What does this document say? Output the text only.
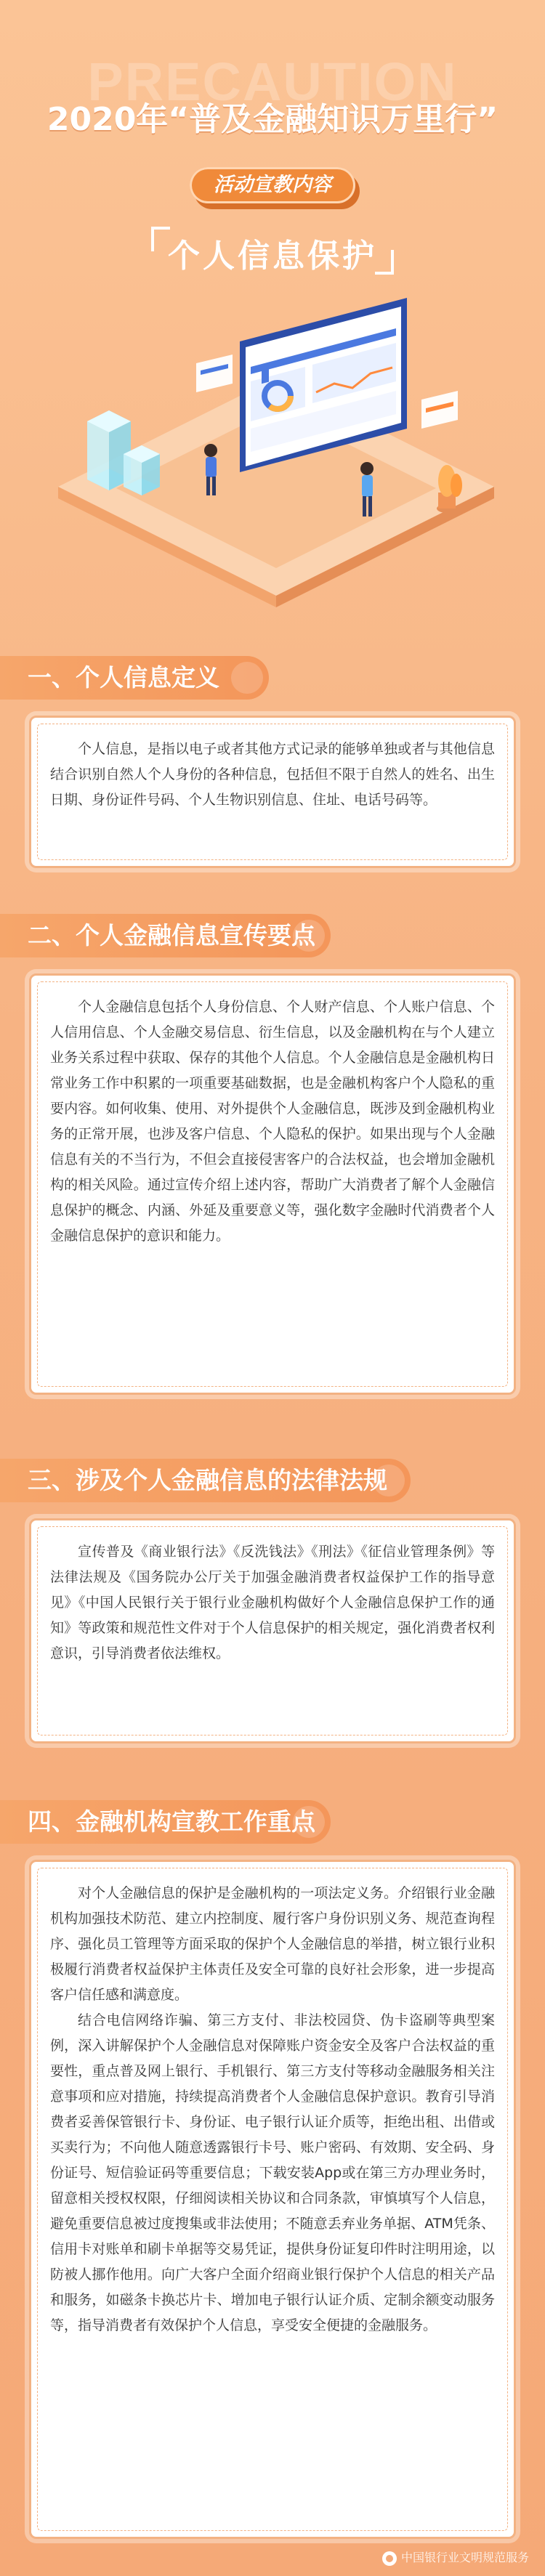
PRECAUTION
2020年“普及金融知识万里行”
活动宣教内容
个人信息保护
一、个人信息定义

个人信息，是指以电子或者其他方式记录的能够单独或者与其他信息结合识别自然人个人身份的各种信息，包括但不限于自然人的姓名、出生日期、身份证件号码、个人生物识别信息、住址、电话号码等。

二、个人金融信息宣传要点

个人金融信息包括个人身份信息、个人财产信息、个人账户信息、个人信用信息、个人金融交易信息、衍生信息，以及金融机构在与个人建立业务关系过程中获取、保存的其他个人信息。个人金融信息是金融机构日常业务工作中积累的一项重要基础数据，也是金融机构客户个人隐私的重要内容。如何收集、使用、对外提供个人金融信息，既涉及到金融机构业务的正常开展，也涉及客户信息、个人隐私的保护。如果出现与个人金融信息有关的不当行为，不但会直接侵害客户的合法权益，也会增加金融机构的相关风险。通过宣传介绍上述内容，帮助广大消费者了解个人金融信息保护的概念、内涵、外延及重要意义等，强化数字金融时代消费者个人金融信息保护的意识和能力。

三、涉及个人金融信息的法律法规

宣传普及《商业银行法》《反洗钱法》《刑法》《征信业管理条例》等法律法规及《国务院办公厅关于加强金融消费者权益保护工作的指导意见》《中国人民银行关于银行业金融机构做好个人金融信息保护工作的通知》等政策和规范性文件对于个人信息保护的相关规定，强化消费者权利意识，引导消费者依法维权。

四、金融机构宣教工作重点

对个人金融信息的保护是金融机构的一项法定义务。介绍银行业金融机构加强技术防范、建立内控制度、履行客户身份识别义务、规范查询程序、强化员工管理等方面采取的保护个人金融信息的举措，树立银行业积极履行消费者权益保护主体责任及安全可靠的良好社会形象，进一步提高客户信任感和满意度。

结合电信网络诈骗、第三方支付、非法校园贷、伪卡盗刷等典型案例，深入讲解保护个人金融信息对保障账户资金安全及客户合法权益的重要性，重点普及网上银行、手机银行、第三方支付等移动金融服务相关注意事项和应对措施，持续提高消费者个人金融信息保护意识。教育引导消费者妥善保管银行卡、身份证、电子银行认证介质等，拒绝出租、出借或买卖行为；不向他人随意透露银行卡号、账户密码、有效期、安全码、身份证号、短信验证码等重要信息；下载安装App或在第三方办理业务时，留意相关授权权限，仔细阅读相关协议和合同条款，审慎填写个人信息，避免重要信息被过度搜集或非法使用；不随意丢弃业务单据、ATM凭条、信用卡对账单和刷卡单据等交易凭证，提供身份证复印件时注明用途，以防被人挪作他用。向广大客户全面介绍商业银行保护个人信息的相关产品和服务，如磁条卡换芯片卡、增加电子银行认证介质、定制余额变动服务等，指导消费者有效保护个人信息，享受安全便捷的金融服务。

中国银行业文明规范服务
